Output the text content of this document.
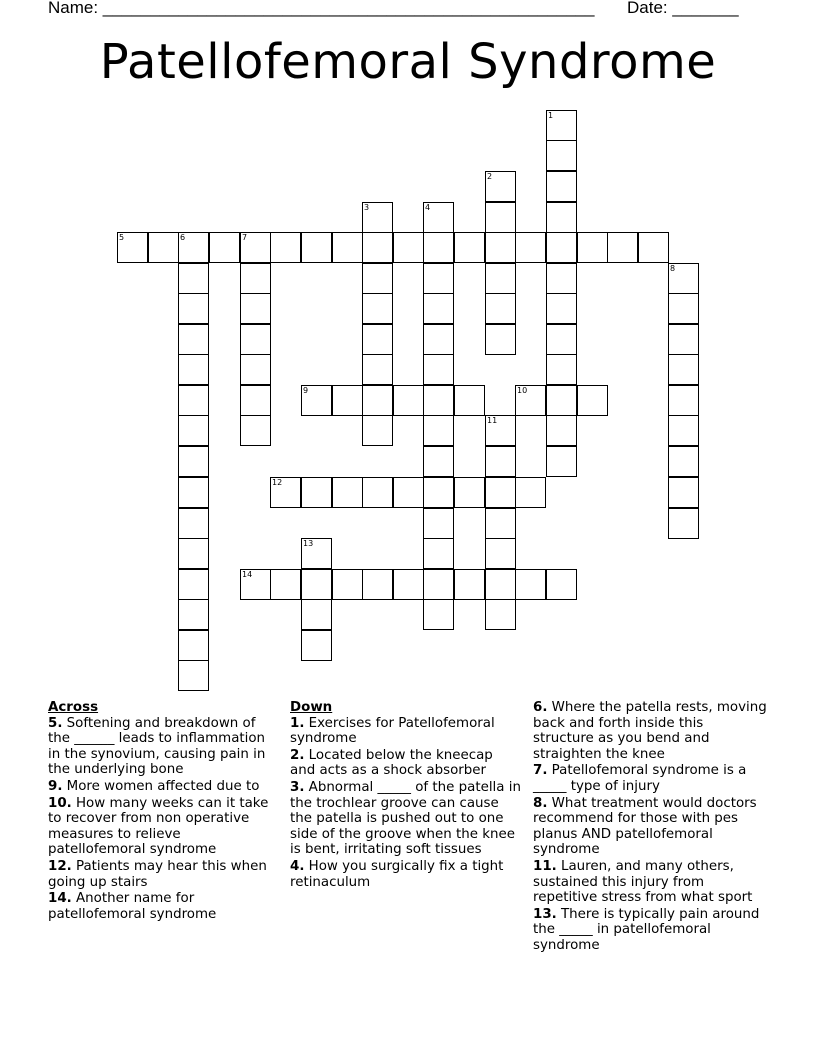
Name: ____________________________________________________ Date: _______
Patellofemoral Syndrome
5	6	7
1
2
3	4
8
9	10
11
12
13
14
Across
5. Softening and breakdown of the ______ leads to inflammation in the synovium, causing pain in the underlying bone
9. More women affected due to
10. How many weeks can it take to recover from non operative measures to relieve patellofemoral syndrome
12. Patients may hear this when going up stairs
14. Another name for patellofemoral syndrome
Down
1. Exercises for Patellofemoral syndrome
2. Located below the kneecap and acts as a shock absorber
3. Abnormal _____ of the patella in the trochlear groove can cause the patella is pushed out to one side of the groove when the knee is bent, irritating soft tissues
4. How you surgically fix a tight retinaculum
6. Where the patella rests, moving back and forth inside this structure as you bend and straighten the knee
7. Patellofemoral syndrome is a _____ type of injury
8. What treatment would doctors recommend for those with pes planus AND patellofemoral syndrome
11. Lauren, and many others, sustained this injury from repetitive stress from what sport
13. There is typically pain around the _____ in patellofemoral syndrome
